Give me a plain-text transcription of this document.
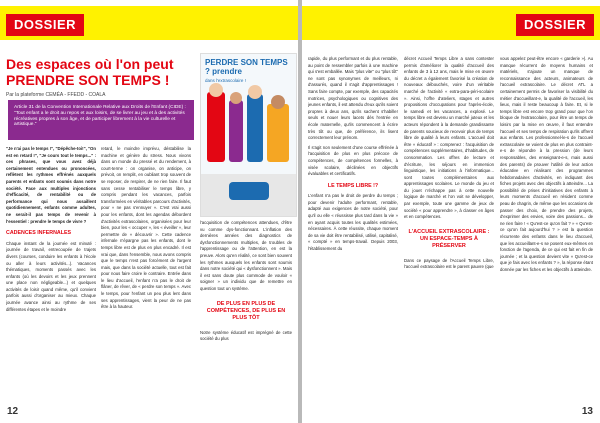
DOSSIER
Des espaces où l'on peut PRENDRE SON TEMPS !
Par la plateforme CEMÉA - FFEDD - COALA
PERDRE SON TEMPS ? prendre
dans l'extrascolaire !
Article 31 de la Convention Internationale Relative aux Droits de l'Enfant (CIDE) : "Tout enfant a le droit au repos et aux loisirs, de se livrer au jeu et à des activités récréatives propres à son âge, et de participer librement à la vie culturelle et artistique."

"Je n'ai pas le temps !", "Dépêche-toi!", "On est en retard !", "Je cours tout le temps..." : ces phrases, que vous avez déjà certainement entendues ou prononcées, reflètent les rythmes effrénés auxquels parents et enfants sont soumis dans notre société. Face aux multiples injonctions d'efficacité, de rentabilité ou de performance qui nous assaillent quotidiennement, enfants comme adultes, ne serait-il pas temps de revenir à l'essentiel : prendre le temps de vivre ?

CADENCES INFERNALES

Chaque instant de la journée est minuté : journée de travail, entrecoupée de trajets divers (courses, conduire les enfants à l'école ou aller à leurs activités...). Vacances thématiques, moments passés avec les enfants (où les devoirs et les jeux prennent une place non négligeable...) et quelques activités de loisir quand même, qu'il convient parfois aussi d'organiser au mieux. Chaque journée avance ainsi au rythme de ses différentes étapes et le moindre

retard, le moindre imprévu, déstabilise la machine et génère du stress. Nous vivons dans un monde du pressé et du rendement, à court-terme : on organise, on anticipe, on prévoit, on remplit, en oubliant trop souvent de se reposer, de respirer, de ne rien faire. Il faut sans cesse rentabiliser le temps libre, y compris pendant les vacances, parfois transformées en véritables parcours d'activités, pour « ne pas s'ennuyer ». C'est vrai aussi pour les enfants, dont les agendas débordent d'activités extrascolaires, organisées pour leur bien, pour les « occuper », les « éveiller », leur permettre de « découvrir ». Cette cadence infernale n'épargne pas les enfants, dont le temps libre est de plus en plus encadré. Il est vrai que, dans l'ensemble, nous avons compris que le temps n'est pas forcément de l'argent mais, que dans la société actuelle, tout est fait pour nous faire croire le contraire. Entrée dans le lieu d'accueil, l'enfant n'a pas le droit de flâner, de rêver, de « perdre son temps ». Avec le temps, pour l'enfant un peu plus lent dans ses apprentissages, vient la peur de ne pas être à la hauteur.

l'acquisition de compétences attendues, d'être vu comme dys-fonctionnant. L'inflation des dernières années des diagnostics de dysfonctionnements multiples, de troubles de l'apprentissage ou de l'attention, en est la preuve. Alors qu'en réalité, ce sont bien souvent les rythmes auxquels les enfants sont soumis dans notre société qui « dysfonctionnent ». Mais il est sans doute plus commode de vouloir « soigner » un individu que de remettre en question tout un système.

DE PLUS EN PLUS DE COMPÉTENCES, DE PLUS EN PLUS TÔT

Notre système éducatif est imprégné de cette société du plus

12
DOSSIER

rapide, du plus performant et du plus rentable, au point de ressembler parfois à une machine qui s'est emballée. Mais "plus vite" ou "plus tôt" ne sont pas synonymes de meilleurs, ni d'assurés, quand il s'agit d'apprentissages ! Sans faire compte, par exemple, des capacités motrices, psychologiques ou cognitives des jeunes enfants, il est attendu d'eux qu'ils soient propres à deux ans, qu'ils sachent s'habiller seuls et nouer leurs lacets dès l'entrée en école maternelle, qu'ils commencent à écrire très tôt ou que, de préférence, ils lisent correctement leur prénom.

Il s'agit non seulement d'une course effrénée à l'acquisition de plus en plus précoce de compétences, de compétences formelles, à visée scolaire, déclinées en objectifs évaluables et certificatifs.

LE TEMPS LIBRE !?

L'enfant n'a pas le droit de perdre du temps ; pour devenir l'adulte performant, rentable, adapté aux exigences de notre société, pour qu'il ou elle « réussisse plus tard dans la vie » en ayant acquis toutes les qualités estimées, nécessaires. À cette réussite, chaque moment de sa vie doit être rentabilisé, utilisé, capitalisé, « compté » en temps-travail. Depuis 2003, l'établissement du

décret Accueil Temps Libre a sans contester permis d'améliorer la qualité d'accueil des enfants de 3 à 12 ans, mais le mise en œuvre du décret a également favorisé la création de nouveaux débouchés, voire d'un véritable marché de l'activité « extra-para-péri-scolaire ». Ainsi, l'offre d'ateliers, stages et autres propositions d'occupations pour l'après-école, le samedi et les vacances, a explosé. Le temps libre est devenu un marché juteux et les acteurs répondent à la demande grandissante de parents soucieux de recevoir plus de temps libre de qualité à leurs enfants. L'accueil doit être « éducatif » : comprenez : l'acquisition de compétences supplémentaires, d'habitudes, de consommation. Les offres de lecture et d'écriture, les séjours en immersion linguistique, les initiations à l'informatique... sont toutes complémentaires aux apprentissages scolaires. Le monde du jeu et du jouet n'échappe pas à cette nouvelle logique de marché et l'on voit se développer, par exemple, toute une gamme de jeux de société « pour apprendre », à classer en âges et en compétences.

L'ACCUEIL EXTRASCOLAIRE : UN ESPACE-TEMPS À PRÉSERVER

Dans ce paysage de l'Accueil Temps Libre, l'accueil extrascolaire est le parent pauvre (que

vous appelez peut-être encore « garderie »). Au manque récurrent de moyens humains et matériels, s'ajoute un manque de reconnaissance des acteurs, animateurs de l'accueil extrascolaire. Le décret ATL a certainement permis de favoriser la visibilité du métier d'accueillant-e, la qualité de l'accueil, les lieux, mais il reste beaucoup à faire. Et, si le temps libre est encore trop grand pour que l'on bloque de l'extrascolaire, pour être un temps de loisirs par la mise en œuvre, il faut entendre l'accueil et ses temps de respiration qu'ils offrent aux enfants. Les professionnel-le-s de l'accueil extrascolaire se voient de plus en plus contraint-e-s de répondre à la pression (de leurs responsables, des enseignant-e-s, mais aussi des parents) de prouver l'utilité de leur action éducative en réalisant des programmes hebdomadaires d'activités, en indiquant des fiches projets avec des objectifs à atteindre... La possibilité de prises d'initiatives des enfants à leurs moments d'accueil en résident comme peau de chagrin, de même que les occasions de passer des choix, de prendre des projets, d'exprimer des envies, voire des passions... de ne rien faire ! « Qu'est-ce qu'on fait ? » « Qu'est-ce qu'on fait aujourd'hui ? » est la question récurrente des enfants dans le lieu d'accueil, que les accueillant-e-s se posent eux-mêmes en fonction de l'agenda, de ce qui est fait en fin de journée ; et la question devient vite « Qu'est-ce que je fais avec les enfants ? », la réponse étant donnée par les fiches et les objectifs à atteindre.

13
